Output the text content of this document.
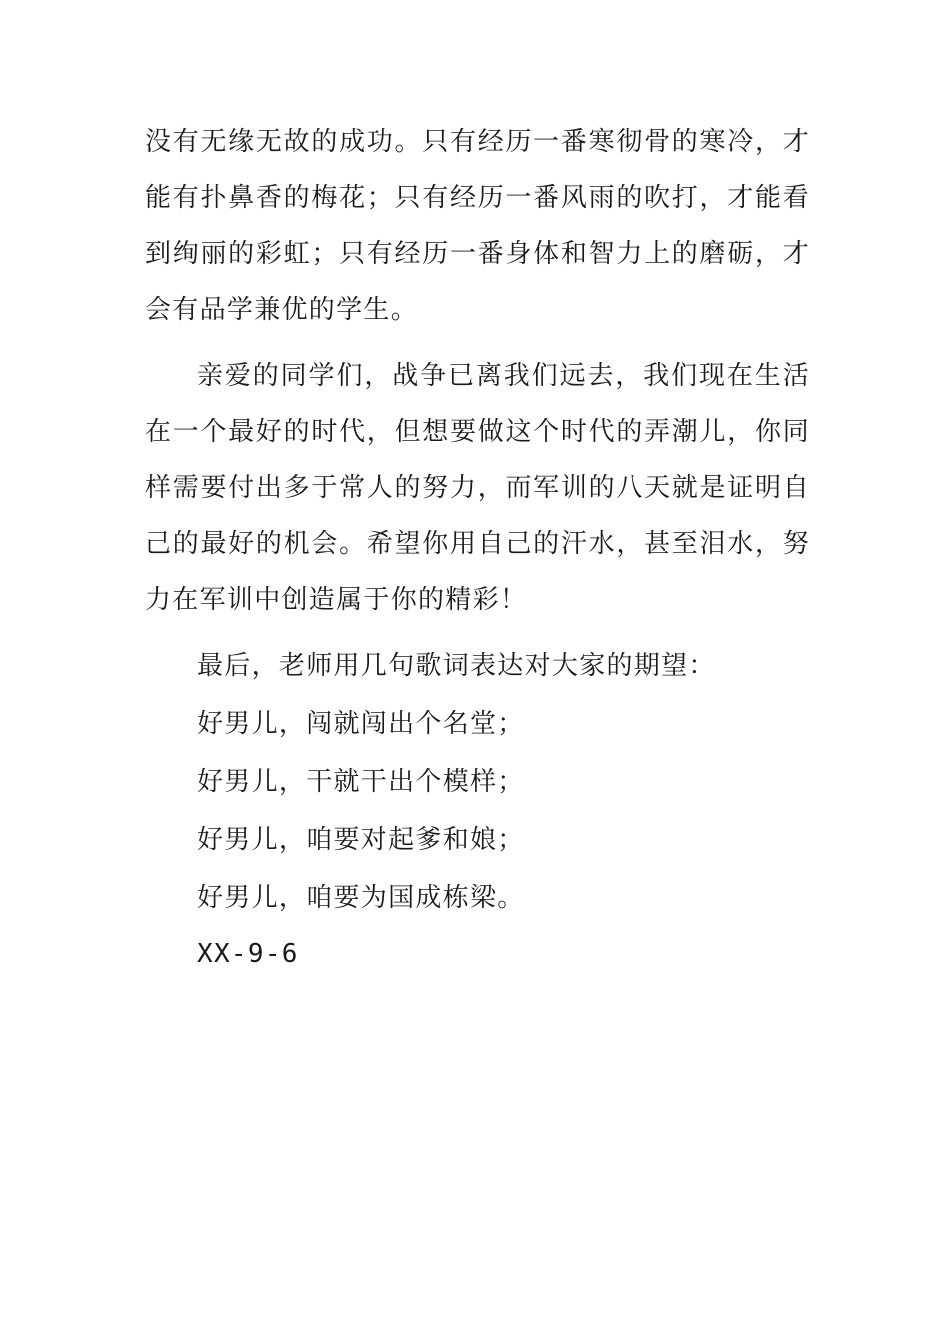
没有无缘无故的成功。只有经历一番寒彻骨的寒冷，才能有扑鼻香的梅花；只有经历一番风雨的吹打，才能看到绚丽的彩虹；只有经历一番身体和智力上的磨砺，才会有品学兼优的学生。

亲爱的同学们，战争已离我们远去，我们现在生活在一个最好的时代，但想要做这个时代的弄潮儿，你同样需要付出多于常人的努力，而军训的八天就是证明自己的最好的机会。希望你用自己的汗水，甚至泪水，努力在军训中创造属于你的精彩！

最后，老师用几句歌词表达对大家的期望：

好男儿，闯就闯出个名堂；

好男儿，干就干出个模样；

好男儿，咱要对起爹和娘；

好男儿，咱要为国成栋梁。

XX-9-6
